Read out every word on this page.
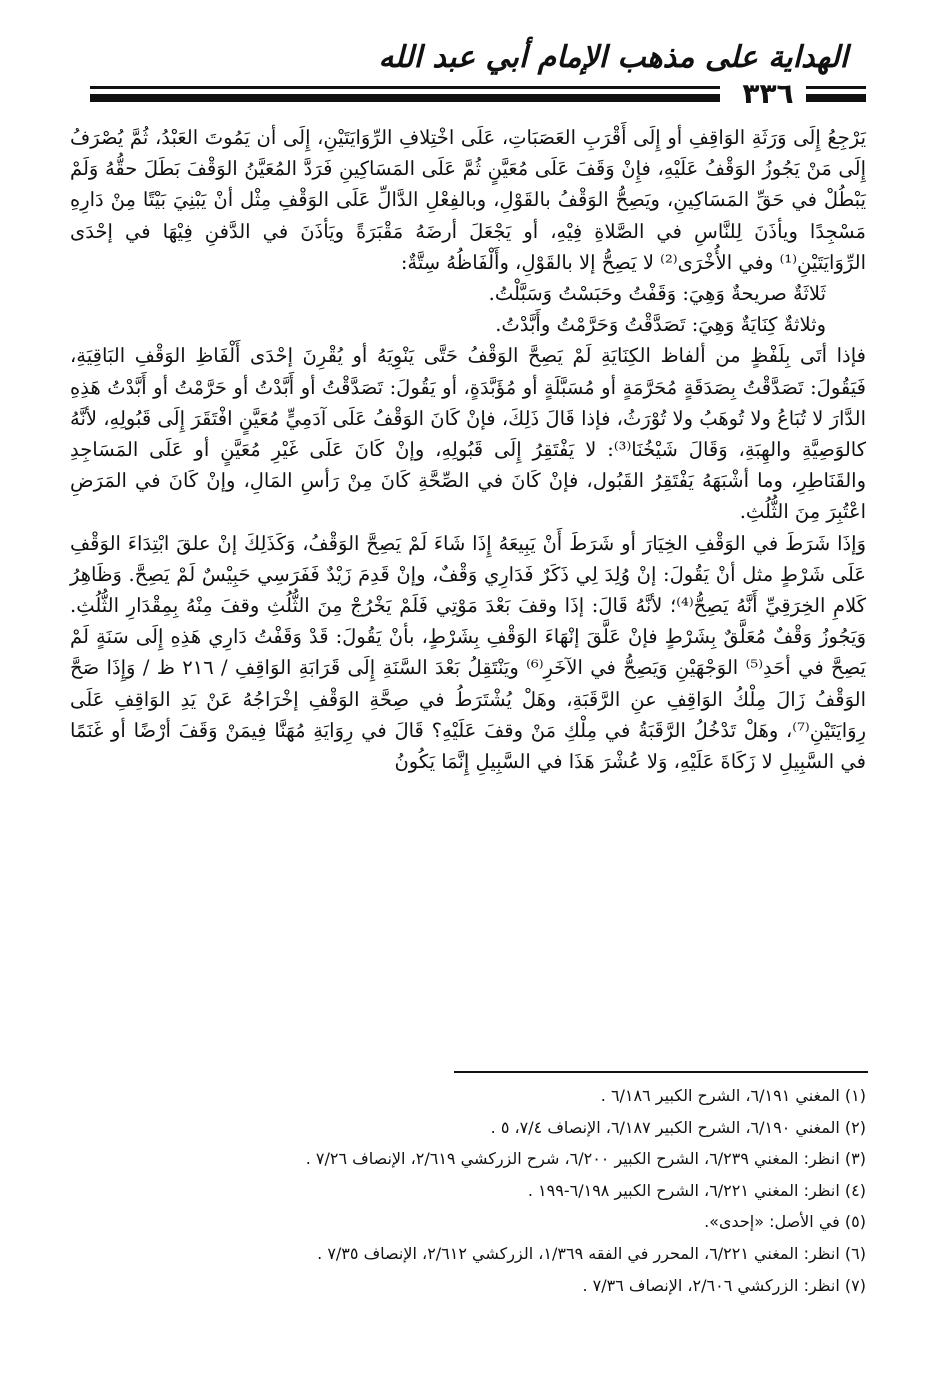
الهداية على مذهب الإمام أبي عبد الله
٣٣٦

يَرْجِعُ إِلَى وَرَثَةِ الوَاقِفِ أو إِلَى أَقْرَبِ العَصَبَاتِ، عَلَى اخْتِلافِ الرِّوَايَتَيْنِ، إِلَى أن يَمُوتَ العَبْدُ، ثُمَّ يُصْرَفُ إِلَى مَنْ يَجُوزُ الوَقْفُ عَلَيْهِ، فإِنْ وَقَفَ عَلَى مُعَيَّنٍ ثُمَّ عَلَى المَسَاكِينِ فَرَدَّ المُعَيَّنُ الوَقْفَ بَطَلَ حقُّهُ وَلَمْ يَبْطُلْ في حَقِّ المَسَاكِينِ، ويَصِحُّ الوَقْفُ بالقَوْلِ، وبالفِعْلِ الدَّالِّ عَلَى الوَقْفِ مِثْل أنْ يَبْنِيَ بَيْتًا مِنْ دَارِهِ مَسْجِدًا ويأذَنَ لِلنَّاسِ في الصَّلاةِ فِيْهِ، أو يَجْعَلَ أرضَهُ مَقْبَرَةً ويَأذَنَ في الدَّفنِ فِيْهَا في إحْدَى الرِّوَايَتَيْنِ⁽¹⁾ وفي الأُخْرَى⁽²⁾ لا يَصِحُّ إلا بالقَوْلِ، وأَلْفَاظُهُ سِتَّةٌ:

ثَلاثَةٌ صريحةٌ وَهِيَ: وَقَفْتُ وحَبَسْتُ وَسَبَّلْتُ.

وثلاثةٌ كِنَايَةٌ وَهِيَ: تَصَدَّقْتُ وَحَرَّمْتُ وأَبَّدْتُ.

فإذا أتَى بِلَفْظٍ من ألفاظ الكِنَايَةِ لَمْ يَصِحَّ الوَقْفُ حَتَّى يَنْوِيَهُ أو يُقْرِنَ إحْدَى أَلْفَاظِ الوَقْفِ البَاقِيَةِ، فَيَقُولَ: تَصَدَّقْتُ بِصَدَقَةٍ مُحَرَّمَةٍ أو مُسَبَّلَةٍ أو مُؤَبَّدَةٍ، أو يَقُولَ: تَصَدَّقْتُ أو أَبَّدْتُ أو حَرَّمْتُ أو أَبَّدْتُ هَذِهِ الدَّارَ لا تُبَاعُ ولا تُوهَبُ ولا تُوْرَثُ، فإذا قَالَ ذَلِكَ، فإنْ كَانَ الوَقْفُ عَلَى آدَمِيٍّ مُعَيَّنٍ افْتَقَرَ إِلَى قَبُولِهِ، لأنَّهُ كالوَصِيَّةِ والهِبَةِ، وَقَالَ شَيْخُنَا⁽³⁾: لا يَفْتَقِرُ إِلَى قَبُولِهِ، وإنْ كَانَ عَلَى غَيْرِ مُعَيَّنٍ أو عَلَى المَسَاجِدِ والقَنَاطِرِ، وما أشْبَهَهُ يَفْتَقِرُ القَبُول، فإنْ كَانَ في الصِّحَّةِ كَانَ مِنْ رَأسِ المَالِ، وإنْ كَانَ في المَرَضِ اعْتُبِرَ مِنَ الثُّلُثِ.

وَإذَا شَرَطَ في الوَقْفِ الخِيَارَ أو شَرَطَ أَنْ يَبِيعَهُ إِذَا شَاءَ لَمْ يَصِحَّ الوَقْفُ، وَكَذَلِكَ إنْ علقَ ابْتِدَاءَ الوَقْفِ عَلَى شَرْطٍ مثل أنْ يَقُولَ: إنْ وُلِدَ لِي ذَكَرٌ فَدَارِي وَقْفٌ، وإنْ قَدِمَ زَيْدٌ فَفَرَسِي حَبِيْسٌ لَمْ يَصِحَّ. وَظَاهِرُ كَلامِ الخِرَقِيِّ أَنَّهُ يَصِحُّ⁽⁴⁾؛ لأنَّهُ قَالَ: إذَا وقفَ بَعْدَ مَوْتِي فَلَمْ يَخْرُجْ مِنَ الثُّلُثِ وقفَ مِنْهُ بِمِقْدَارِ الثُّلُثِ. وَيَجُوزُ وَقْفٌ مُعَلَّقٌ بِشَرْطٍ فإنْ عَلَّقَ إنْهَاءَ الوَقْفِ بِشَرْطٍ، بأنْ يَقُولَ: قَدْ وَقَفْتُ دَارِي هَذِهِ إِلَى سَنَةٍ لَمْ يَصِحَّ في أحَدِ⁽⁵⁾ الوَجْهَيْنِ وَيَصِحُّ في الآخَرِ⁽⁶⁾ ويَنْتَقِلُ بَعْدَ السَّنَةِ إِلَى قَرَابَةِ الوَاقِفِ / ٢١٦ ظ / وَإِذَا صَحَّ الوَقْفُ زَالَ مِلْكُ الوَاقِفِ عنِ الرَّقَبَةِ، وهَلْ يُشْتَرَطُ في صِحَّةِ الوَقْفِ إخْرَاجُهُ عَنْ يَدِ الوَاقِفِ عَلَى رِوَايَتَيْنِ⁽⁷⁾، وهَلْ تَدْخُلُ الرَّقَبَةُ في مِلْكِ مَنْ وقفَ عَلَيْهِ؟ قَالَ في رِوَايَةِ مُهَنَّا فِيمَنْ وَقَفَ أرْضًا أو غَنَمًا في السَّبِيلِ لا زَكَاةَ عَلَيْهِ، وَلا عُشْرَ هَذَا في السَّبِيلِ إِنَّمَا يَكُونُ

(١) المغني ٦/١٩١، الشرح الكبير ٦/١٨٦ .

(٢) المغني ٦/١٩٠، الشرح الكبير ٦/١٨٧، الإنصاف ٧/٤، ٥ .

(٣) انظر: المغني ٦/٢٣٩، الشرح الكبير ٦/٢٠٠، شرح الزركشي ٢/٦١٩، الإنصاف ٧/٢٦ .

(٤) انظر: المغني ٦/٢٢١، الشرح الكبير ٦/١٩٨-١٩٩ .

(٥) في الأصل: «إحدى».

(٦) انظر: المغني ٦/٢٢١، المحرر في الفقه ١/٣٦٩، الزركشي ٢/٦١٢، الإنصاف ٧/٣٥ .

(٧) انظر: الزركشي ٢/٦٠٦، الإنصاف ٧/٣٦ .
